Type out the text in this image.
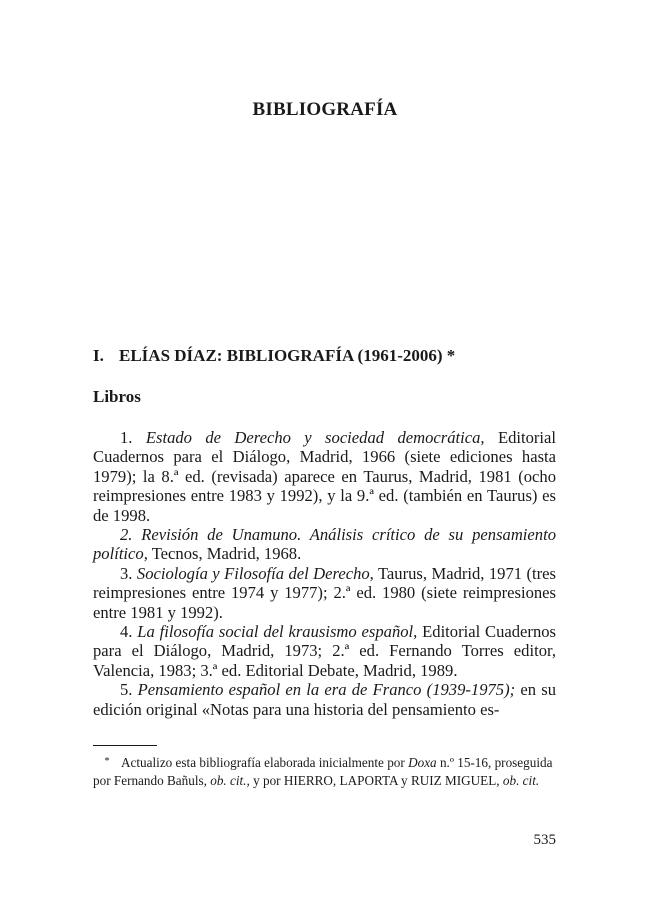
BIBLIOGRAFÍA
I. ELÍAS DÍAZ: BIBLIOGRAFÍA (1961-2006) *
Libros

1. Estado de Derecho y sociedad democrática, Editorial Cuadernos para el Diálogo, Madrid, 1966 (siete ediciones hasta 1979); la 8.ª ed. (revisada) aparece en Taurus, Madrid, 1981 (ocho reimpresiones entre 1983 y 1992), y la 9.ª ed. (también en Taurus) es de 1998.

2. Revisión de Unamuno. Análisis crítico de su pensamiento político, Tecnos, Madrid, 1968.

3. Sociología y Filosofía del Derecho, Taurus, Madrid, 1971 (tres reimpresiones entre 1974 y 1977); 2.ª ed. 1980 (siete reimpresiones entre 1981 y 1992).

4. La filosofía social del krausismo español, Editorial Cuadernos para el Diálogo, Madrid, 1973; 2.ª ed. Fernando Torres editor, Valencia, 1983; 3.ª ed. Editorial Debate, Madrid, 1989.

5. Pensamiento español en la era de Franco (1939-1975); en su edición original «Notas para una historia del pensamiento es-

* Actualizo esta bibliografía elaborada inicialmente por Doxa n.º 15-16, proseguida por Fernando Bañuls, ob. cit., y por HIERRO, LAPORTA y RUIZ MIGUEL, ob. cit.

535
